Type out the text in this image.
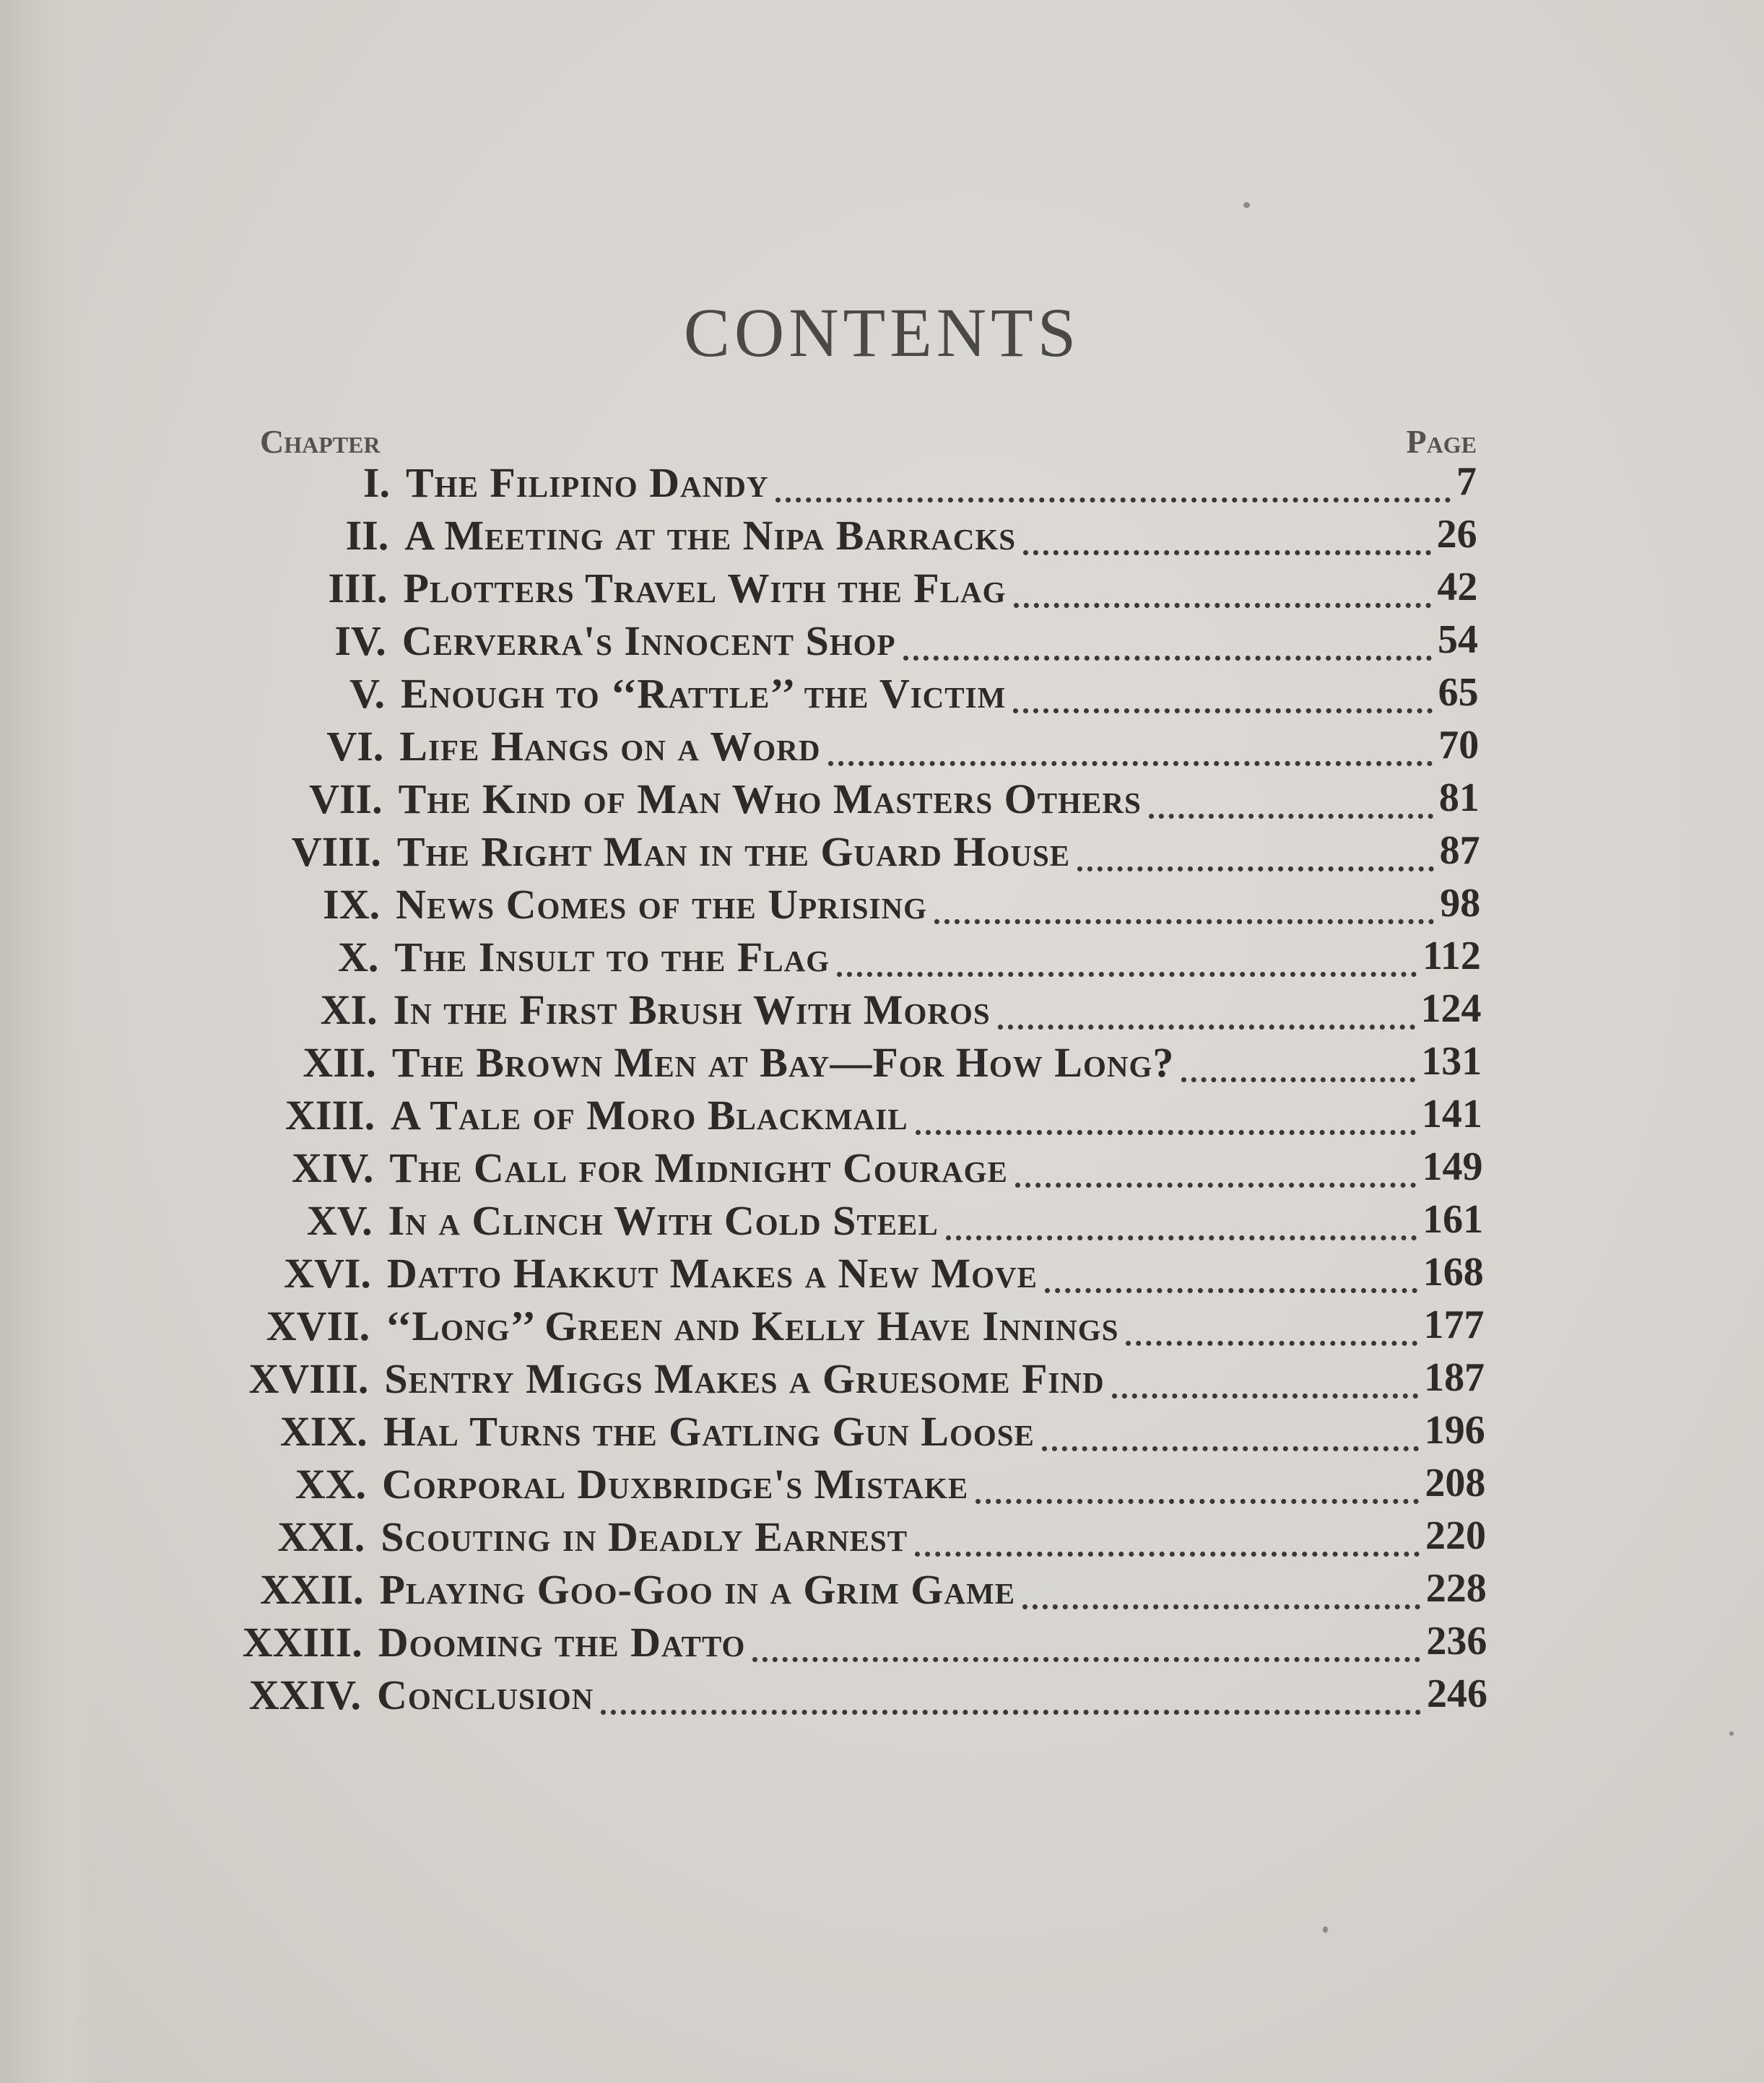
CONTENTS
Chapter	Page
I. The Filipino Dandy	7
II. A Meeting at the Nipa Barracks	26
III. Plotters Travel With the Flag	42
IV. Cerverra's Innocent Shop	54
V. Enough to ‘‘Rattle’’ the Victim	65
VI. Life Hangs on a Word	70
VII. The Kind of Man Who Masters Others	81
VIII. The Right Man in the Guard House	87
IX. News Comes of the Uprising	98
X. The Insult to the Flag	112
XI. In the First Brush With Moros	124
XII. The Brown Men at Bay—For How Long?	131
XIII. A Tale of Moro Blackmail	141
XIV. The Call for Midnight Courage	149
XV. In a Clinch With Cold Steel	161
XVI. Datto Hakkut Makes a New Move	168
XVII. ‘‘Long’’ Green and Kelly Have Innings	177
XVIII. Sentry Miggs Makes a Gruesome Find	187
XIX. Hal Turns the Gatling Gun Loose	196
XX. Corporal Duxbridge's Mistake	208
XXI. Scouting in Deadly Earnest	220
XXII. Playing Goo-Goo in a Grim Game	228
XXIII. Dooming the Datto	236
XXIV. Conclusion	246
